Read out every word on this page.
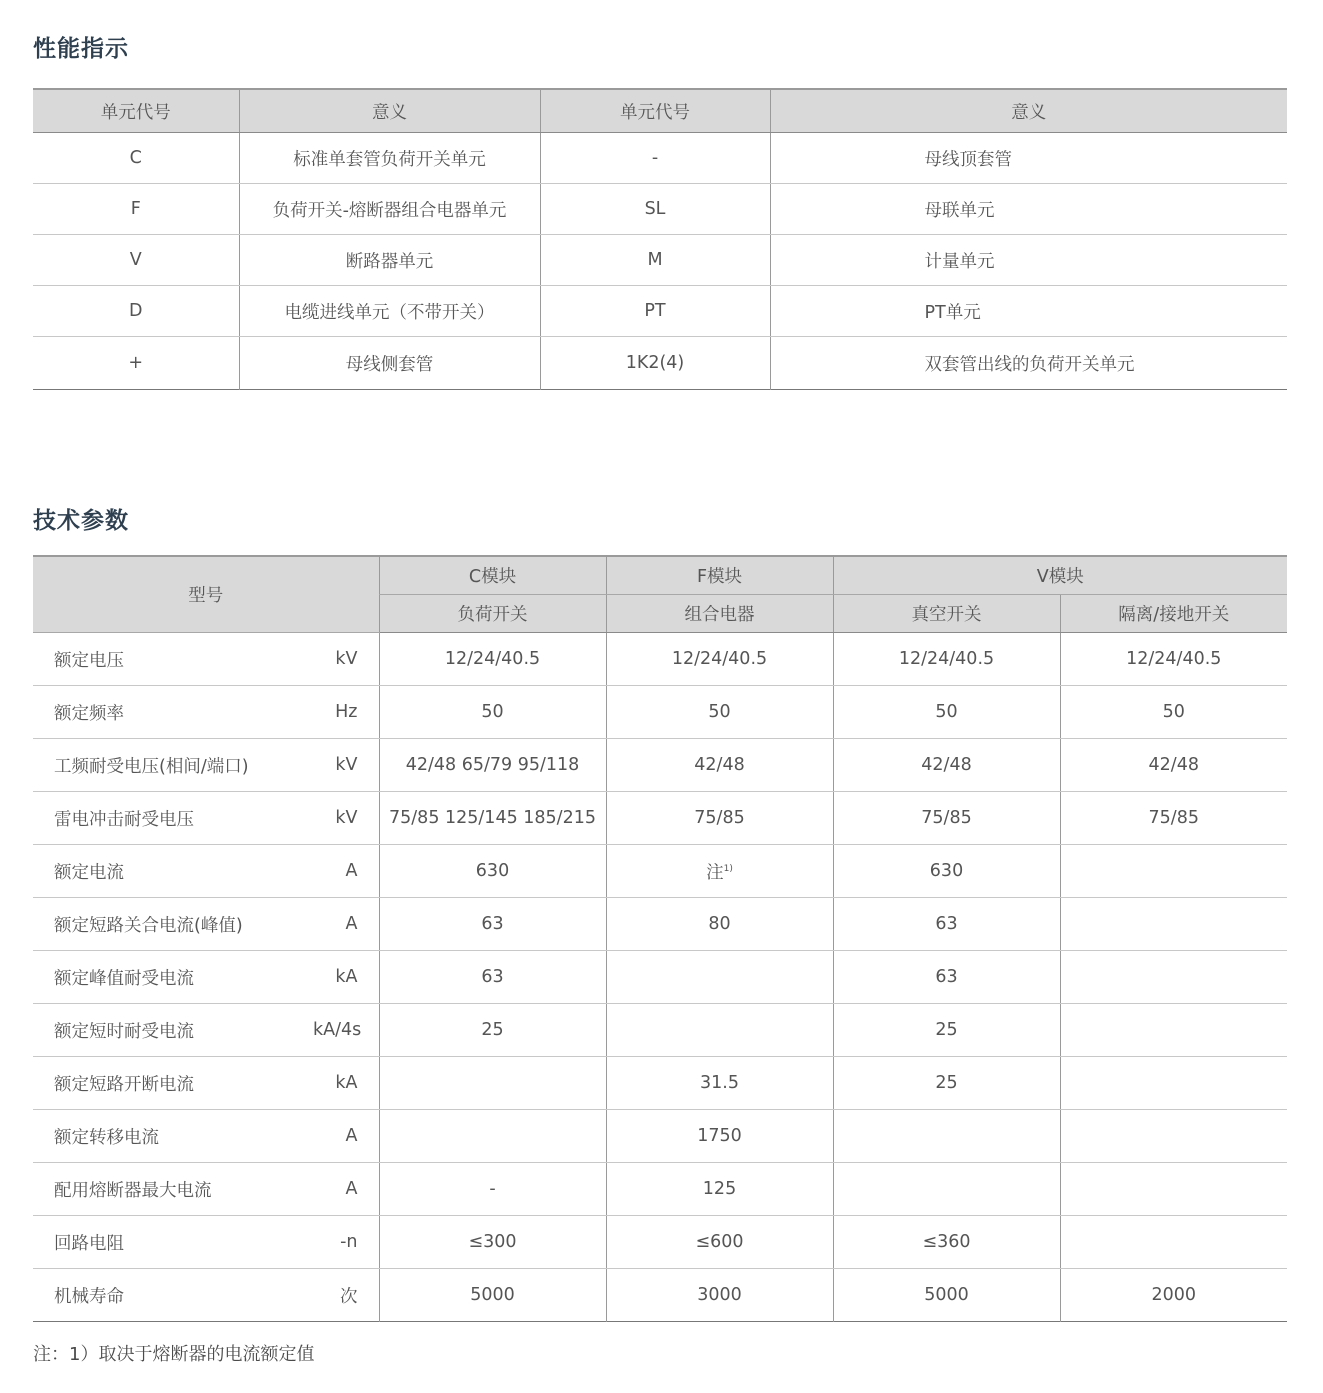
性能指示
单元代号	意义	单元代号	意义
C	标准单套管负荷开关单元	-	母线顶套管
F	负荷开关-熔断器组合电器单元	SL	母联单元
V	断路器单元	M	计量单元
D	电缆进线单元（不带开关）	PT	PT单元
+	母线侧套管	1K2(4)	双套管出线的负荷开关单元
技术参数
型号		C模块	F模块	V模块	
		负荷开关	组合电器	真空开关	隔离/接地开关
额定电压	kV	12/24/40.5	12/24/40.5	12/24/40.5	12/24/40.5
额定频率	Hz	50	50	50	50
工频耐受电压(相间/端口)	kV	42/48 65/79 95/118	42/48	42/48	42/48
雷电冲击耐受电压	kV	75/85 125/145 185/215	75/85	75/85	75/85
额定电流	A	630	注$^{1)}$	630	
额定短路关合电流(峰值)	A	63	80	63	
额定峰值耐受电流	kA	63		63	
额定短时耐受电流	kA/4s	25		25	
额定短路开断电流	kA		31.5	25	
额定转移电流	A		1750		
配用熔断器最大电流	A	-	125		
回路电阻	-n	≤300	≤600	≤360	
机械寿命	次	5000	3000	5000	2000

注：1）取决于熔断器的电流额定值
